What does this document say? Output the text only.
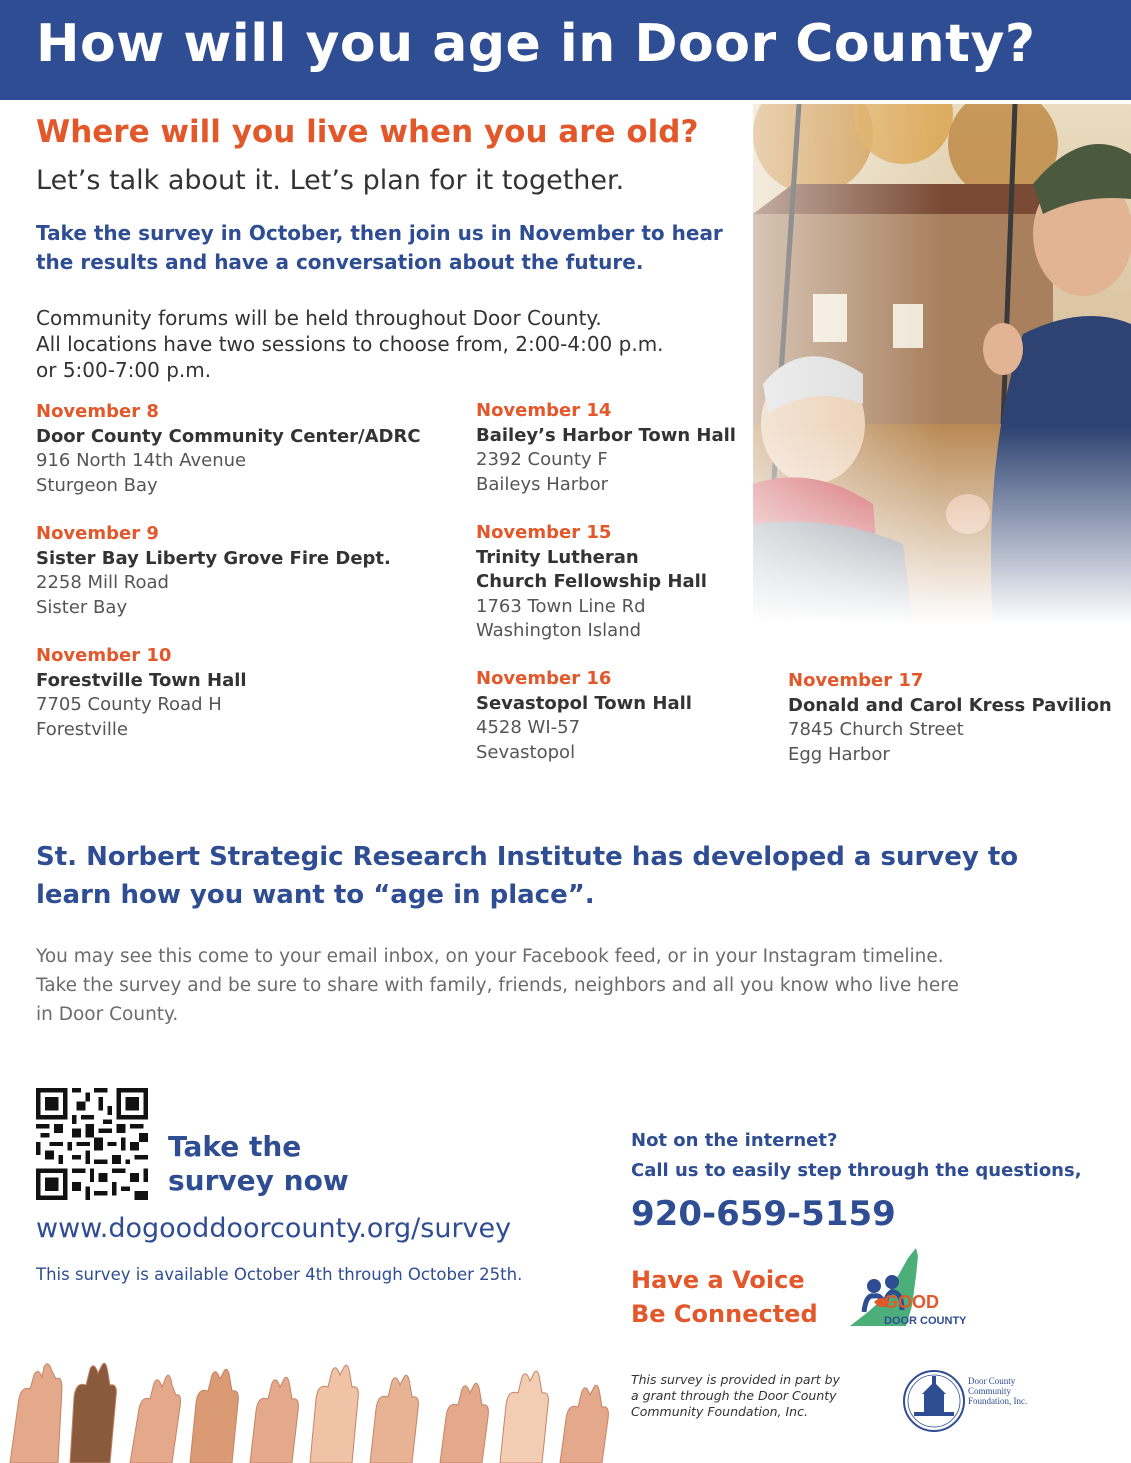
How will you age in Door County?
Where will you live when you are old?
Let’s talk about it. Let’s plan for it together.

Take the survey in October, then join us in November to hear

the results and have a conversation about the future.

Community forums will be held throughout Door County.

All locations have two sessions to choose from, 2:00-4:00 p.m.

or 5:00-7:00 p.m.

November 8
Door County Community Center/ADRC
916 North 14th Avenue
Sturgeon Bay
November 9
Sister Bay Liberty Grove Fire Dept.
2258 Mill Road
Sister Bay
November 10
Forestville Town Hall
7705 County Road H
Forestville
November 14
Bailey’s Harbor Town Hall
2392 County F
Baileys Harbor
November 15
Trinity Lutheran
Church Fellowship Hall
1763 Town Line Rd
Washington Island
November 16
Sevastopol Town Hall
4528 WI-57
Sevastopol
November 17
Donald and Carol Kress Pavilion
7845 Church Street
Egg Harbor

St. Norbert Strategic Research Institute has developed a survey to

learn how you want to “age in place”.

You may see this come to your email inbox, on your Facebook feed, or in your Instagram timeline.

Take the survey and be sure to share with family, friends, neighbors and all you know who live here

in Door County.

Take the

survey now

www.dogooddoorcounty.org/survey
This survey is available October 4th through October 25th.

Not on the internet?

Call us to easily step through the questions,

920-659-5159

Have a Voice

Be Connected	GOOD
DOOR COUNTY

This survey is provided in part by

a grant through the Door County

Community Foundation, Inc.

Door County
Community
Foundation, Inc.
